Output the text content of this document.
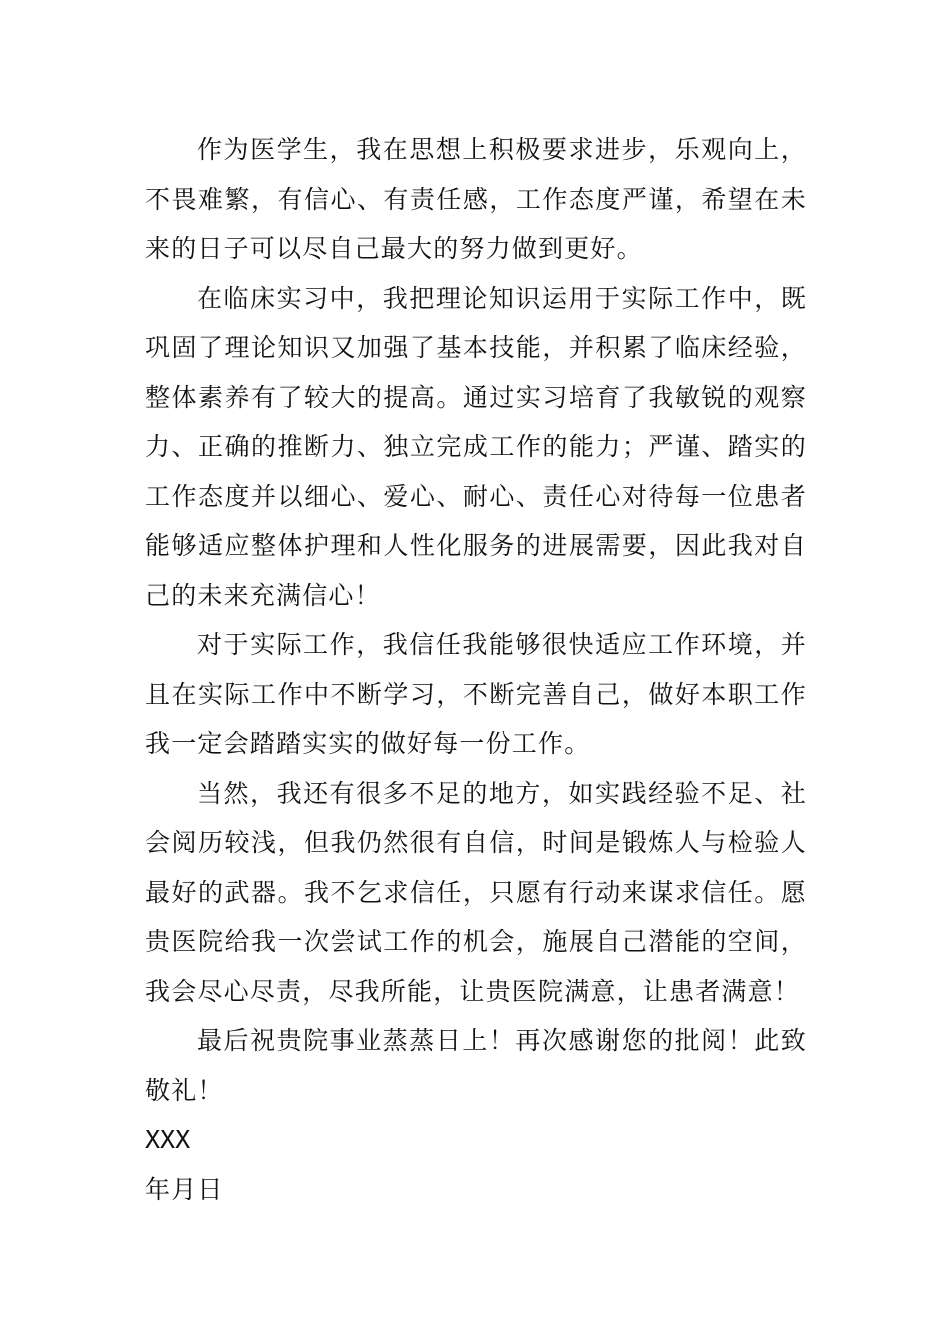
作为医学生，我在思想上积极要求进步，乐观向上，不畏难繁，有信心、有责任感，工作态度严谨，希望在未来的日子可以尽自己最大的努力做到更好。

在临床实习中，我把理论知识运用于实际工作中，既巩固了理论知识又加强了基本技能，并积累了临床经验，整体素养有了较大的提高。通过实习培育了我敏锐的观察力、正确的推断力、独立完成工作的能力；严谨、踏实的工作态度并以细心、爱心、耐心、责任心对待每一位患者能够适应整体护理和人性化服务的进展需要，因此我对自己的未来充满信心！

对于实际工作，我信任我能够很快适应工作环境，并且在实际工作中不断学习，不断完善自己，做好本职工作我一定会踏踏实实的做好每一份工作。

当然，我还有很多不足的地方，如实践经验不足、社会阅历较浅，但我仍然很有自信，时间是锻炼人与检验人最好的武器。我不乞求信任，只愿有行动来谋求信任。愿贵医院给我一次尝试工作的机会，施展自己潜能的空间，我会尽心尽责，尽我所能，让贵医院满意，让患者满意！

最后祝贵院事业蒸蒸日上！再次感谢您的批阅！此致敬礼！

XXX

年月日
